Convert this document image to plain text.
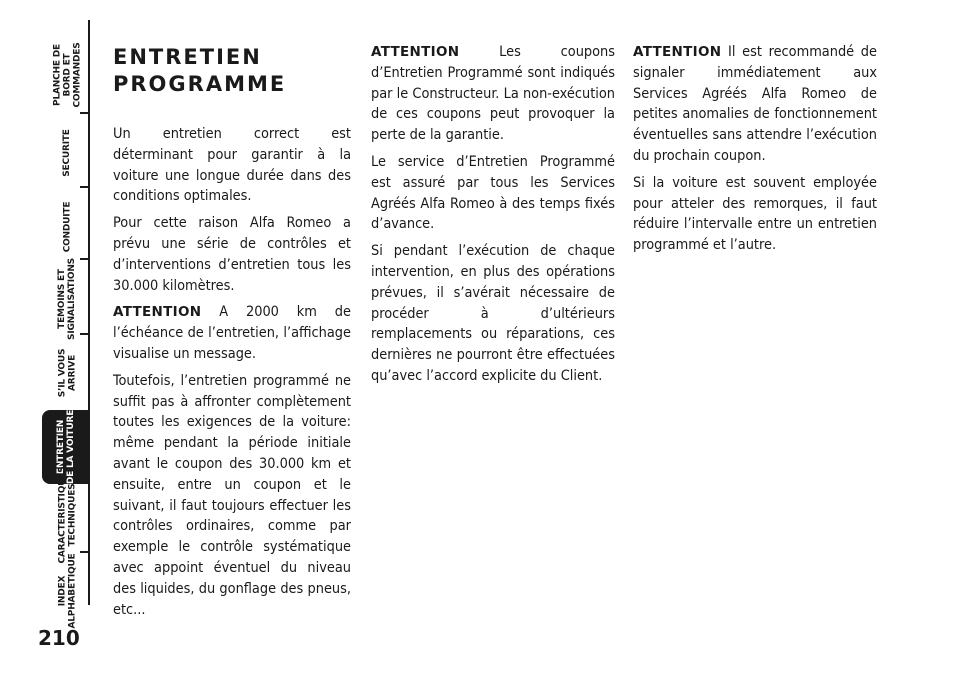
PLANCHE DE
BORD ET
COMMANDES
SECURITE
CONDUITE
TEMOINS ET
SIGNALISATIONS
S’IL VOUS
ARRIVE
ENTRETIEN
DE LA VOITURE
CARACTERISTIQUES
TECHNIQUES
INDEX
ALPHABETIQUE
210
ENTRETIEN
PROGRAMME

Un entretien correct est déterminant pour garantir à la voiture une longue durée dans des conditions optimales.

Pour cette raison Alfa Romeo a prévu une série de contrôles et d’interventions d’entretien tous les 30.000 kilomètres.

ATTENTION A 2000 km de l’échéance de l’entretien, l’affichage visualise un message.

Toutefois, l’entretien programmé ne suffit pas à affronter complètement toutes les exigences de la voiture: même pendant la période initiale avant le coupon des 30.000 km et ensuite, entre un coupon et le suivant, il faut toujours effectuer les contrôles ordinaires, comme par exemple le contrôle systématique avec appoint éventuel du niveau des liquides, du gonflage des pneus, etc...

ATTENTION Les coupons d’Entretien Programmé sont indiqués par le Constructeur. La non-exécution de ces coupons peut provoquer la perte de la garantie.

Le service d’Entretien Programmé est assuré par tous les Services Agréés Alfa Romeo à des temps fixés d’avance.

Si pendant l’exécution de chaque intervention, en plus des opérations prévues, il s’avérait nécessaire de procéder à d’ultérieurs remplacements ou réparations, ces dernières ne pourront être effectuées qu’avec l’accord explicite du Client.

ATTENTION Il est recommandé de signaler immédiatement aux Services Agréés Alfa Romeo de petites anomalies de fonctionnement éventuelles sans attendre l’exécution du prochain coupon.

Si la voiture est souvent employée pour atteler des remorques, il faut réduire l’intervalle entre un entretien programmé et l’autre.
